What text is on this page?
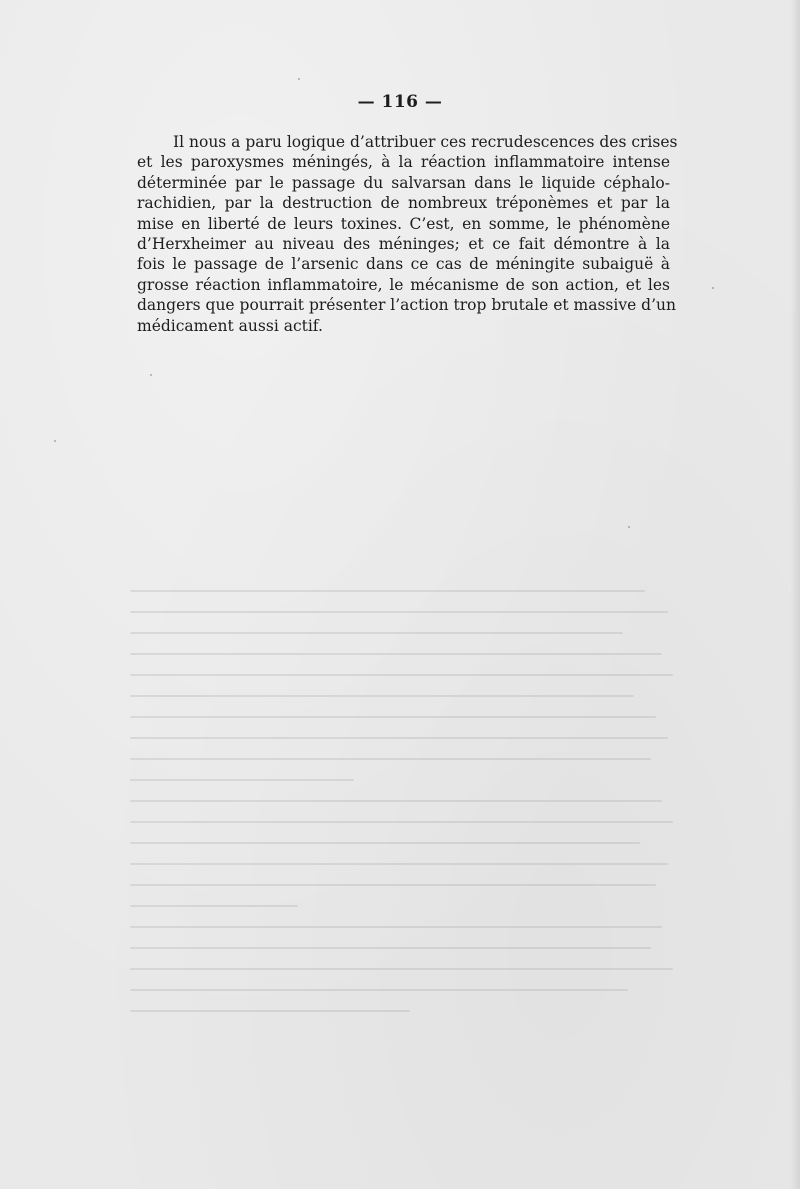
— 116 —
Il nous a paru logique d’attribuer ces recrudescences des crises
et les paroxysmes méningés, à la réaction inflammatoire intense
déterminée par le passage du salvarsan dans le liquide céphalo-
rachidien, par la destruction de nombreux tréponèmes et par la
mise en liberté de leurs toxines. C’est, en somme, le phénomène
d’Herxheimer au niveau des méninges; et ce fait démontre à la
fois le passage de l’arsenic dans ce cas de méningite subaiguë à
grosse réaction inflammatoire, le mécanisme de son action, et les
dangers que pourrait présenter l’action trop brutale et massive d’un
médicament aussi actif.
